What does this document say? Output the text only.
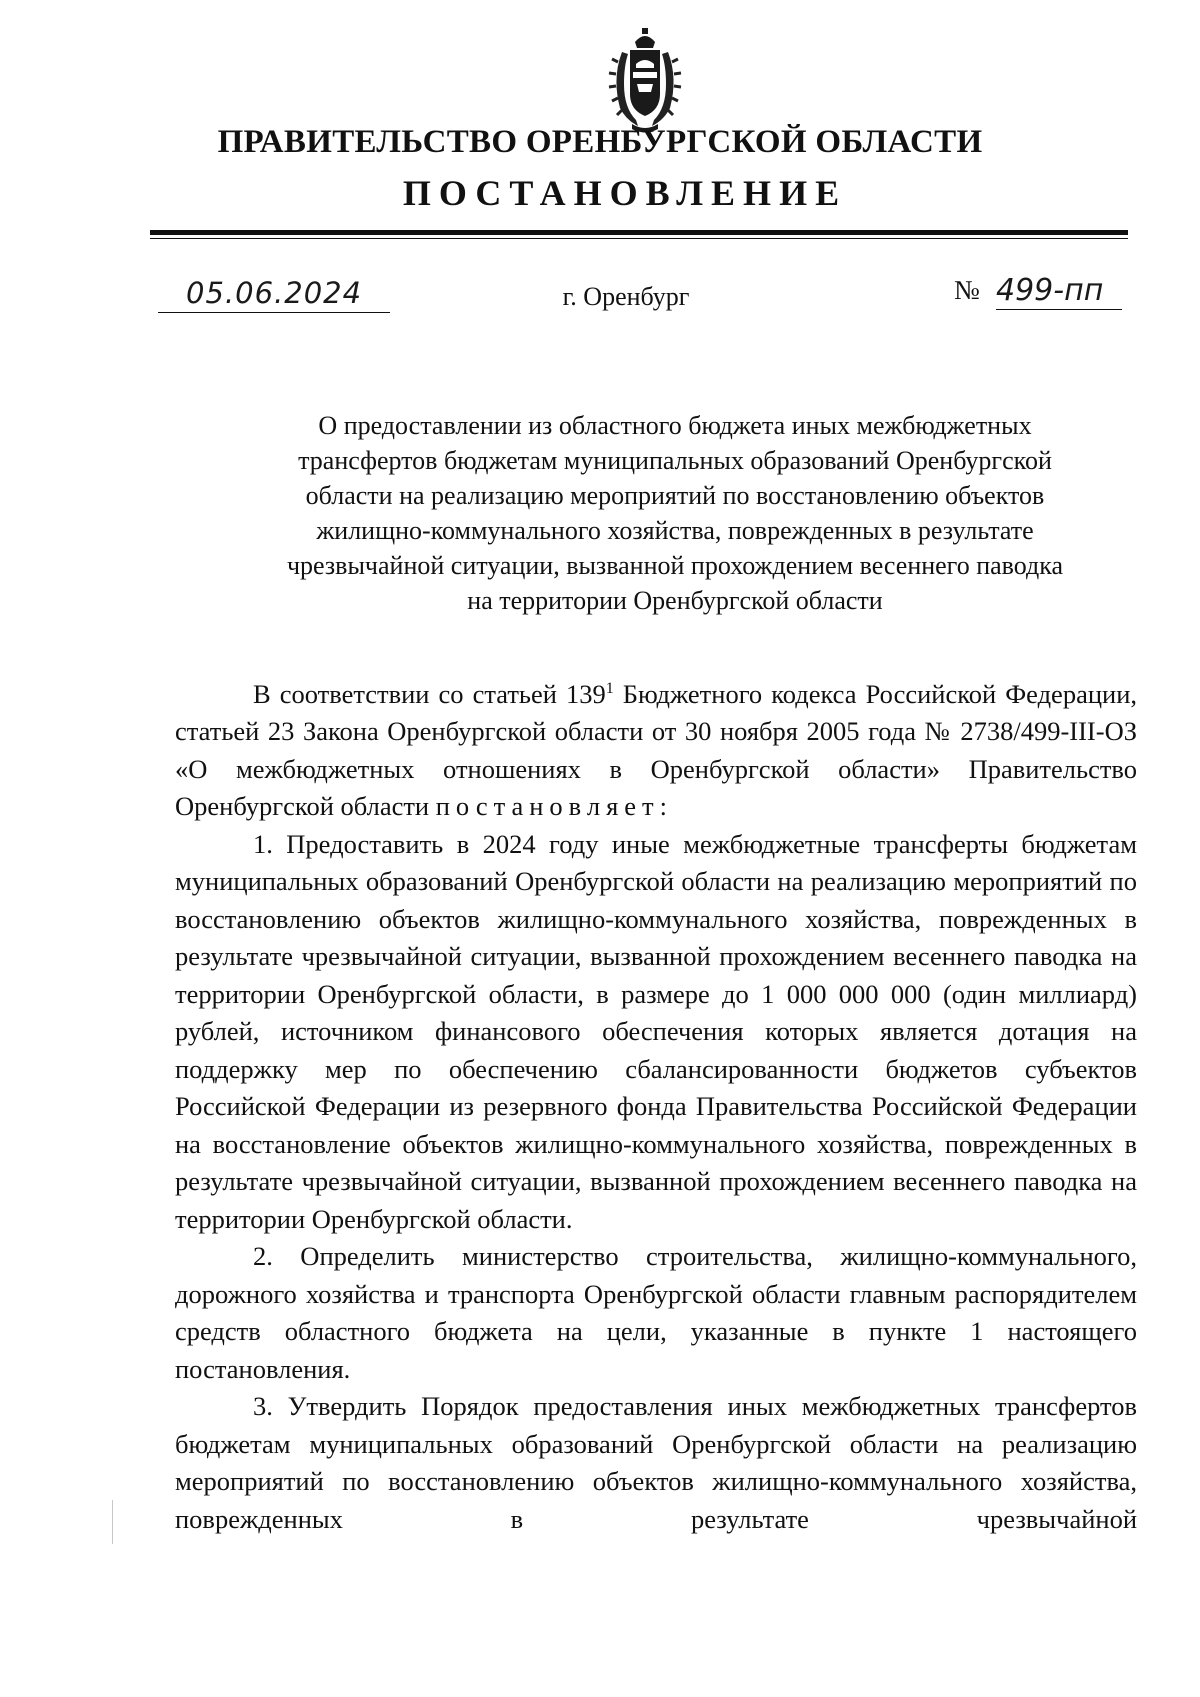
ПРАВИТЕЛЬСТВО ОРЕНБУРГСКОЙ ОБЛАСТИ
ПОСТАНОВЛЕНИЕ
05.06.2024	г. Оренбург	№ 499-пп
О предоставлении из областного бюджета иных межбюджетных
трансфертов бюджетам муниципальных образований Оренбургской
области на реализацию мероприятий по восстановлению объектов
жилищно-коммунального хозяйства, поврежденных в результате
чрезвычайной ситуации, вызванной прохождением весеннего паводка
на территории Оренбургской области

В соответствии со статьей $139^1$ Бюджетного кодекса Российской Федерации, статьей 23 Закона Оренбургской области от 30 ноября 2005 года № 2738/499-III-ОЗ «О межбюджетных отношениях в Оренбургской области» Правительство Оренбургской области постановляет:

1. Предоставить в 2024 году иные межбюджетные трансферты бюджетам муниципальных образований Оренбургской области на реализацию мероприятий по восстановлению объектов жилищно-коммунального хозяйства, поврежденных в результате чрезвычайной ситуации, вызванной прохождением весеннего паводка на территории Оренбургской области, в размере до 1 000 000 000 (один миллиард) рублей, источником финансового обеспечения которых является дотация на поддержку мер по обеспечению сбалансированности бюджетов субъектов Российской Федерации из резервного фонда Правительства Российской Федерации на восстановление объектов жилищно-коммунального хозяйства, поврежденных в результате чрезвычайной ситуации, вызванной прохождением весеннего паводка на территории Оренбургской области.

2. Определить министерство строительства, жилищно-коммунального, дорожного хозяйства и транспорта Оренбургской области главным распорядителем средств областного бюджета на цели, указанные в пункте 1 настоящего постановления.

3. Утвердить Порядок предоставления иных межбюджетных трансфертов бюджетам муниципальных образований Оренбургской области на реализацию мероприятий по восстановлению объектов жилищно-коммунального хозяйства, поврежденных в результате чрезвычайной
